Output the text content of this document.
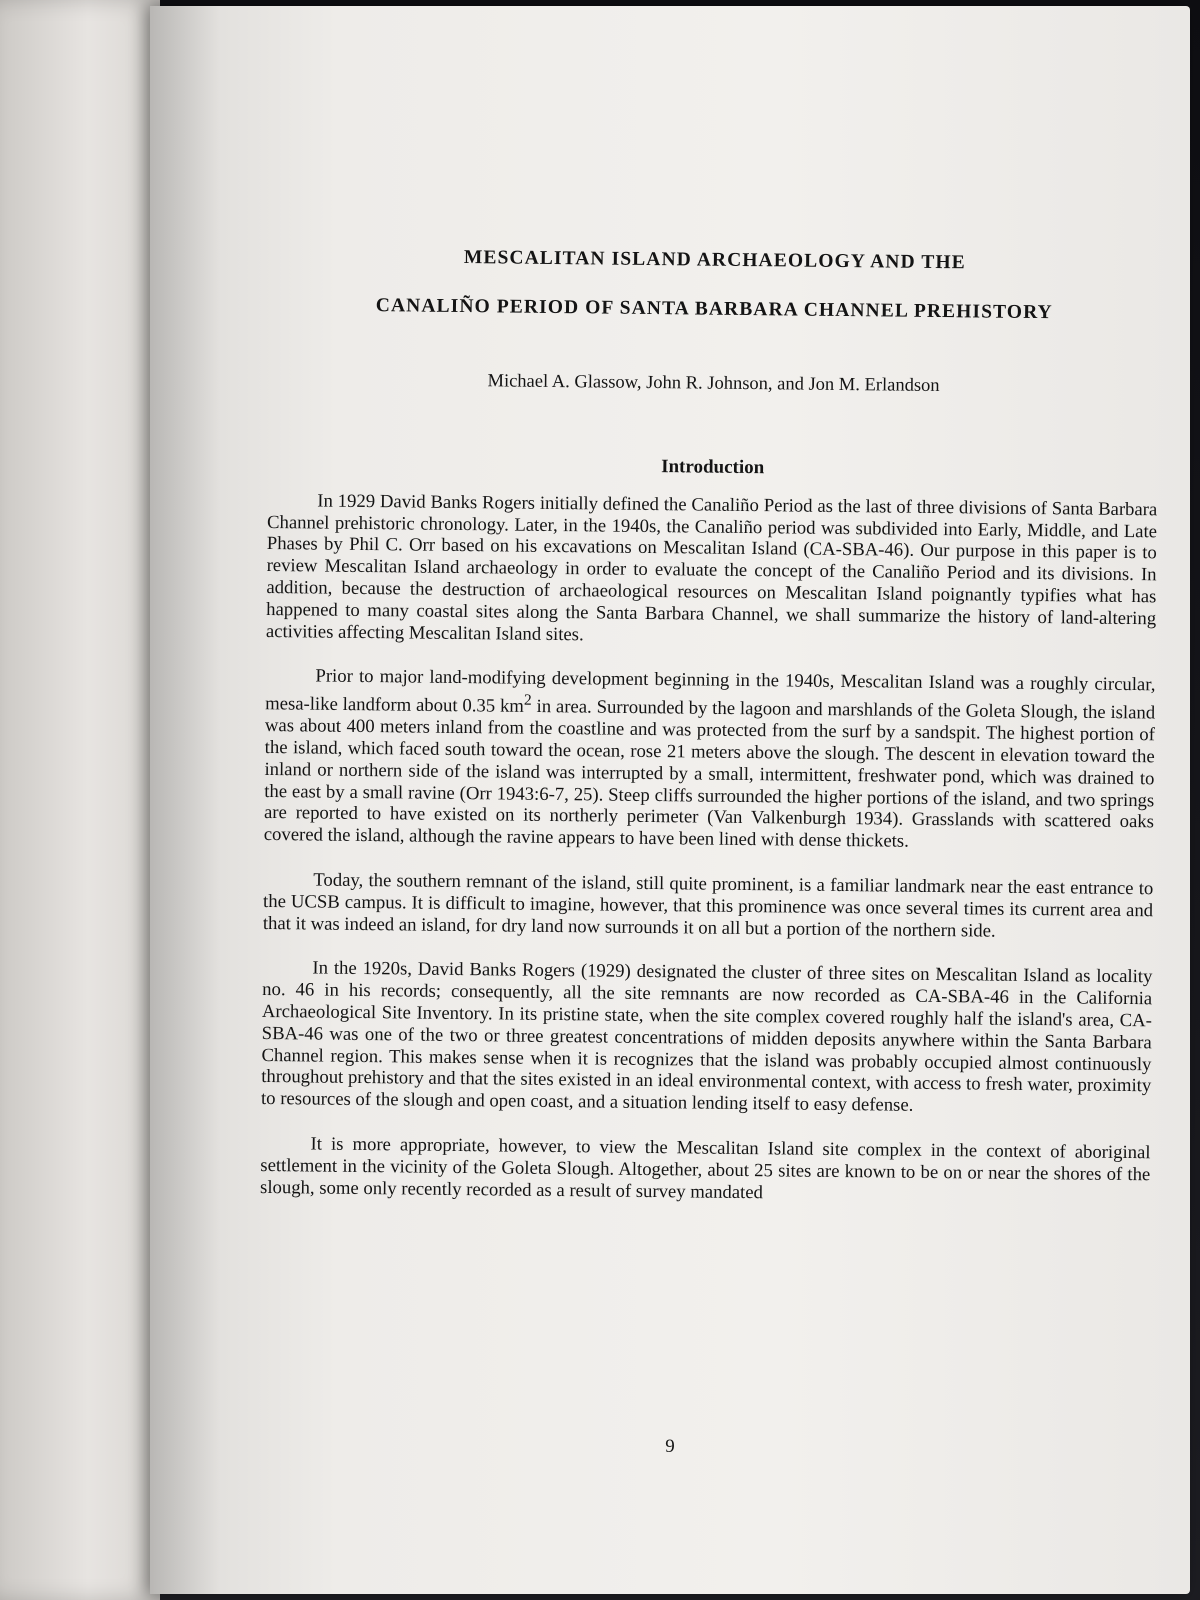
MESCALITAN ISLAND ARCHAEOLOGY AND THE
CANALIÑO PERIOD OF SANTA BARBARA CHANNEL PREHISTORY
Michael A. Glassow, John R. Johnson, and Jon M. Erlandson
Introduction

In 1929 David Banks Rogers initially defined the Canaliño Period as the last of three divisions of Santa Barbara Channel prehistoric chronology. Later, in the 1940s, the Canaliño period was subdivided into Early, Middle, and Late Phases by Phil C. Orr based on his excavations on Mescalitan Island (CA-SBA-46). Our purpose in this paper is to review Mescalitan Island archaeology in order to evaluate the concept of the Canaliño Period and its divisions. In addition, because the destruction of archaeological resources on Mescalitan Island poignantly typifies what has happened to many coastal sites along the Santa Barbara Channel, we shall summarize the history of land-altering activities affecting Mescalitan Island sites.

Prior to major land-modifying development beginning in the 1940s, Mescalitan Island was a roughly circular, mesa-like landform about 0.35 $km^2$ in area. Surrounded by the lagoon and marshlands of the Goleta Slough, the island was about 400 meters inland from the coastline and was protected from the surf by a sandspit. The highest portion of the island, which faced south toward the ocean, rose 21 meters above the slough. The descent in elevation toward the inland or northern side of the island was interrupted by a small, intermittent, freshwater pond, which was drained to the east by a small ravine (Orr 1943:6-7, 25). Steep cliffs surrounded the higher portions of the island, and two springs are reported to have existed on its northerly perimeter (Van Valkenburgh 1934). Grasslands with scattered oaks covered the island, although the ravine appears to have been lined with dense thickets.

Today, the southern remnant of the island, still quite prominent, is a familiar landmark near the east entrance to the UCSB campus. It is difficult to imagine, however, that this prominence was once several times its current area and that it was indeed an island, for dry land now surrounds it on all but a portion of the northern side.

In the 1920s, David Banks Rogers (1929) designated the cluster of three sites on Mescalitan Island as locality no. 46 in his records; consequently, all the site remnants are now recorded as CA-SBA-46 in the California Archaeological Site Inventory. In its pristine state, when the site complex covered roughly half the island's area, CA-SBA-46 was one of the two or three greatest concentrations of midden deposits anywhere within the Santa Barbara Channel region. This makes sense when it is recognizes that the island was probably occupied almost continuously throughout prehistory and that the sites existed in an ideal environmental context, with access to fresh water, proximity to resources of the slough and open coast, and a situation lending itself to easy defense.

It is more appropriate, however, to view the Mescalitan Island site complex in the context of aboriginal settlement in the vicinity of the Goleta Slough. Altogether, about 25 sites are known to be on or near the shores of the slough, some only recently recorded as a result of survey mandated

9
